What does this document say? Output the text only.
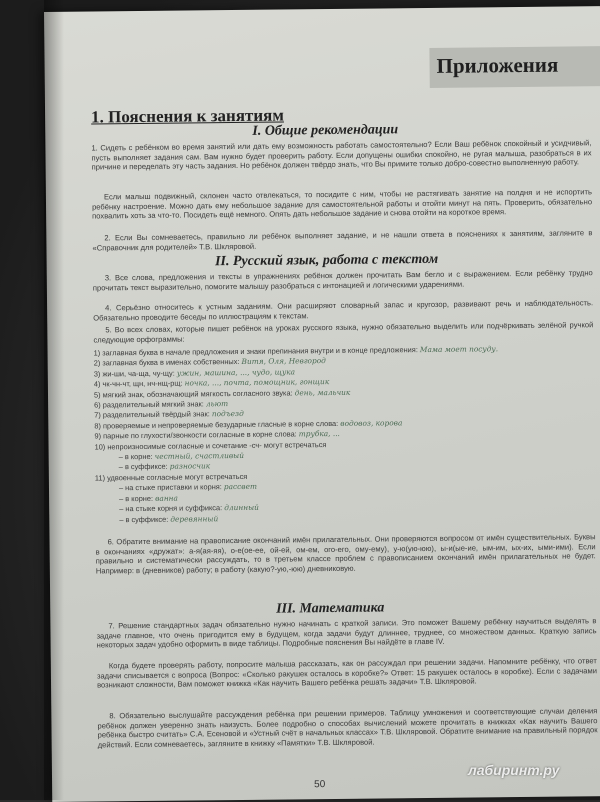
Приложения
1. Пояснения к занятиям
I. Общие рекомендации
1. Сидеть с ребёнком во время занятий или дать ему возможность работать самостоятельно? Если Ваш ребёнок спокойный и усидчивый, пусть выполняет задания сам. Вам нужно будет проверить работу. Если допущены ошибки спокойно, не ругая малыша, разобраться в их причине и переделать эту часть задания. Но ребёнок должен твёрдо знать, что Вы примите только добро-совестно выполненную работу.
Если малыш подвижный, склонен часто отвлекаться, то посидите с ним, чтобы не растягивать занятие на полдня и не испортить ребёнку настроение. Можно дать ему небольшое задание для самостоятельной работы и отойти минут на пять. Проверить, обязательно похвалить хоть за что-то. Посидеть ещё немного. Опять дать небольшое задание и снова отойти на короткое время.
2. Если Вы сомневаетесь, правильно ли ребёнок выполняет задание, и не нашли ответа в пояснениях к занятиям, загляните в «Справочник для родителей» Т.В. Шкляровой.
II. Русский язык, работа с текстом
3. Все слова, предложения и тексты в упражнениях ребёнок должен прочитать Вам бегло и с выражением. Если ребёнку трудно прочитать текст выразительно, помогите малышу разобраться с интонацией и логическими ударениями.
4. Серьёзно относитесь к устным заданиям. Они расширяют словарный запас и кругозор, развивают речь и наблюдательность. Обязательно проводите беседы по иллюстрациям к текстам.
5. Во всех словах, которые пишет ребёнок на уроках русского языка, нужно обязательно выделить или подчёркивать зелёной ручкой следующие орфограммы:
1) заглавная буква в начале предложения и знаки препинания внутри и в конце предложения: Мама моет посуду.
2) заглавная буква в именах собственных: Витя, Оля, Невгород
3) жи-ши, ча-ща, чу-щу: ужин, машина, ..., чудо, щука
4) чк-чн-чт, щн, нч-нщ-рщ: ночка, ..., почта, помощник, гонщик
5) мягкий знак, обозначающий мягкость согласного звука: день, мальчик
6) разделительный мягкий знак: льют
7) разделительный твёрдый знак: подъезд
8) проверяемые и непроверяемые безударные гласные в корне слова: водовоз, корова
9) парные по глухости/звонкости согласные в корне слова: трубка, ...
10) непроизносимые согласные и сочетание -сч- могут встречаться
– в корне: честный, счастливый
– в суффиксе: разносчик
11) удвоенные согласные могут встречаться
– на стыке приставки и корня: рассвет
– в корне: ванна
– на стыке корня и суффикса: длинный
– в суффиксе: деревянный
6. Обратите внимание на правописание окончаний имён прилагательных. Они проверяются вопросом от имён существительных. Буквы в окончаниях «дружат»: а-я(ая-яя), о-е(ое-ее, ой-ей, ом-ем, ого-его, ому-ему), у-ю(ую-юю), ы-и(ые-ие, ым-им, ых-их, ыми-ими). Если правильно и систематически рассуждать, то в третьем классе проблем с правописанием окончаний имён прилагательных не будет. Например: в (дневников) работу; в работу (какую?-ую,-юю) дневниковую.
III. Математика
7. Решение стандартных задач обязательно нужно начинать с краткой записи. Это поможет Вашему ребёнку научиться выделять в задаче главное, что очень пригодится ему в будущем, когда задачи будут длиннее, труднее, со множеством данных. Краткую запись некоторых задач удобно оформить в виде таблицы. Подробные пояснения Вы найдёте в главе IV.
Когда будете проверять работу, попросите малыша рассказать, как он рассуждал при решении задачи. Напомните ребёнку, что ответ задачи списывается с вопроса (Вопрос: «Сколько ракушек осталось в коробке?» Ответ: 15 ракушек осталось в коробке). Если с задачами возникают сложности, Вам поможет книжка «Как научить Вашего ребёнка решать задачи» Т.В. Шкляровой.
8. Обязательно выслушайте рассуждения ребёнка при решении примеров. Таблицу умножения и соответствующие случаи деления ребёнок должен уверенно знать наизусть. Более подробно о способах вычислений можете прочитать в книжках «Как научить Вашего ребёнка быстро считать» С.А. Есеновой и «Устный счёт в начальных классах» Т.В. Шкляровой. Обратите внимание на правильный порядок действий. Если сомневаетесь, загляните в книжку «Памятки» Т.В. Шкляровой.
50
лабиринт.ру
